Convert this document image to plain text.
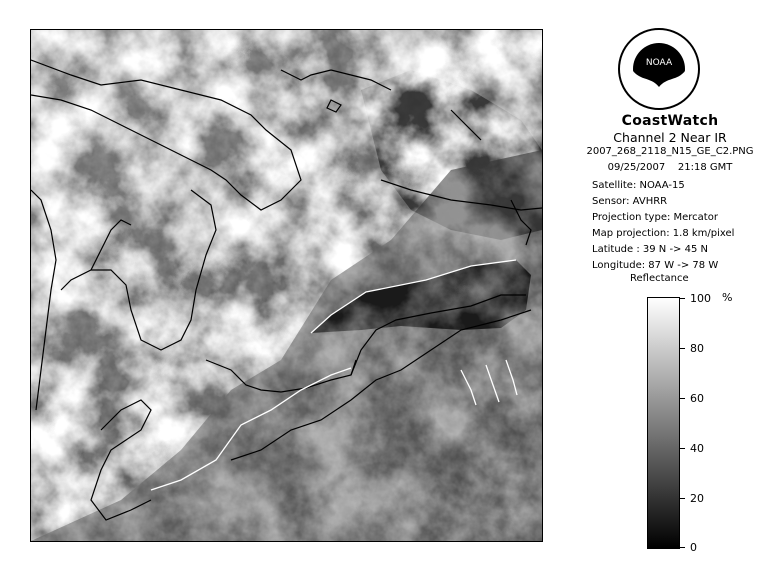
NOAA
CoastWatch
Channel 2 Near IR
2007_268_2118_N15_GE_C2.PNG
09/25/2007    21:18 GMT
Satellite: NOAA-15
Sensor: AVHRR
Projection type: Mercator
Map projection: 1.8 km/pixel
Latitude : 39 N -> 45 N
Longitude: 87 W -> 78 W
Reflectance
%
100
80
60
40
20
0
